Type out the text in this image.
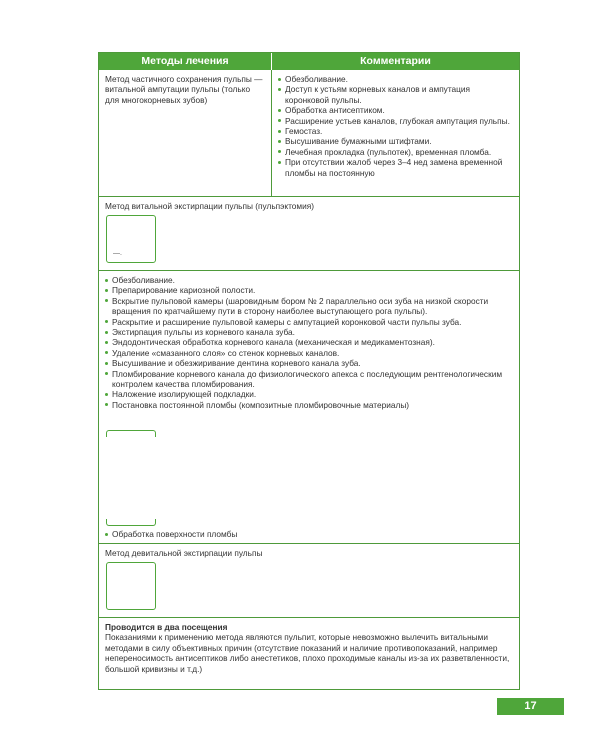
Методы лечения	Комментарии
Метод частичного сохранения пульпы — витальной ампутации пульпы (только для многокорневых зубов)
Обезболивание.
Доступ к устьям корневых каналов и ампутация коронковой пульпы.
Обработка антисептиком.
Расширение устьев каналов, глубокая ампутация пульпы.
Гемостаз.
Высушивание бумажными штифтами.
Лечебная прокладка (пульпотек), временная пломба.
При отсутствии жалоб через 3–4 нед замена временной пломбы на постоянную
Метод витальной экстирпации пульпы (пульпэктомия)
—.
Обезболивание.
Препарирование кариозной полости.
Вскрытие пульповой камеры (шаровидным бором № 2 параллельно оси зуба на низкой скорости вращения по кратчайшему пути в сторону наиболее выступающего рога пульпы).
Раскрытие и расширение пульповой камеры с ампутацией коронковой части пульпы зуба.
Экстирпация пульпы из корневого канала зуба.
Эндодонтическая обработка корневого канала (механическая и медикаментозная).
Удаление «смазанного слоя» со стенок корневых каналов.
Высушивание и обезжиривание дентина корневого канала зуба.
Пломбирование корневого канала до физиологического апекса с последующим рентгенологическим контролем качества пломбирования.
Наложение изолирующей подкладки.
Постановка постоянной пломбы (композитные пломбировочные материалы)
Обработка поверхности пломбы
Метод девитальной экстирпации пульпы
Проводится в два посещения
Показаниями к применению метода являются пульпит, которые невозможно вылечить витальными методами в силу объективных причин (отсутствие показаний и наличие противопоказаний, например непереносимость антисептиков либо анестетиков, плохо проходимые каналы из-за их разветвленности, большой кривизны и т.д.)
17
